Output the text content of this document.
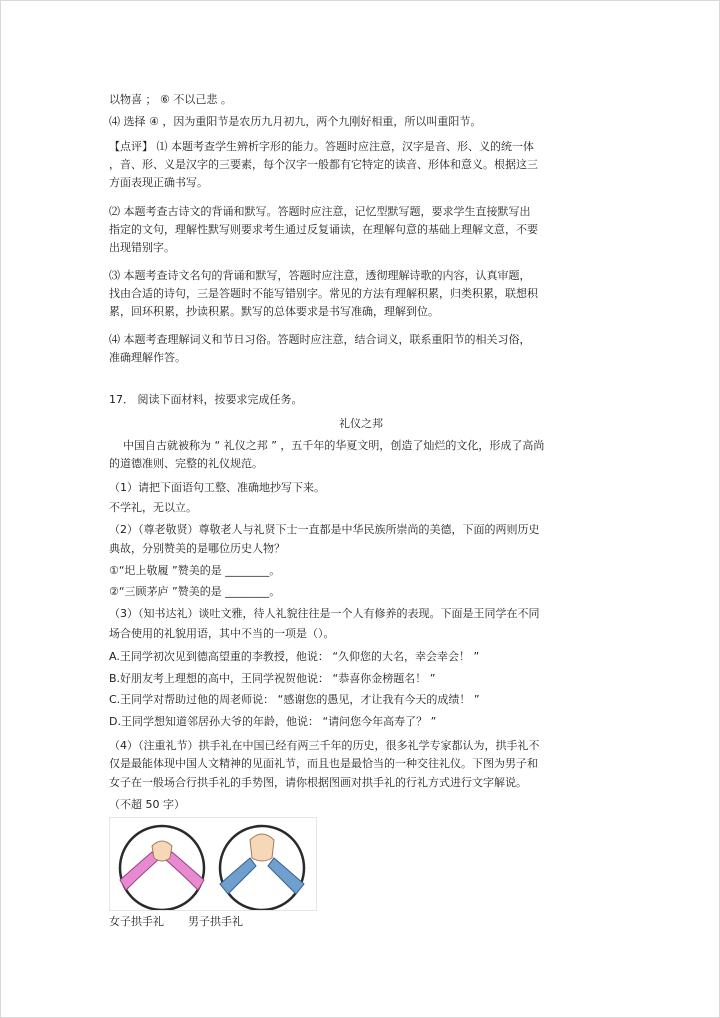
以物喜 ； ⑥ 不以己悲 。
⑷ 选择 ④ ，因为重阳节是农历九月初九，两个九刚好相重，所以叫重阳节。
【点评】 ⑴ 本题考查学生辨析字形的能力。答题时应注意，汉字是音、形、义的统一体
，音、形、义是汉字的三要素，每个汉字一般都有它特定的读音、形体和意义。根据这三
方面表现正确书写。
⑵ 本题考查古诗文的背诵和默写。答题时应注意，记忆型默写题，要求学生直接默写出
指定的文句，理解性默写则要求考生通过反复诵读，在理解句意的基础上理解文意，不要
出现错别字。
⑶ 本题考查诗文名句的背诵和默写，答题时应注意，透彻理解诗歌的内容，认真审题，
找由合适的诗句，三是答题时不能写错别字。常见的方法有理解积累，归类积累，联想积
累，回环积累，抄读积累。默写的总体要求是书写准确，理解到位。
⑷ 本题考查理解词义和节日习俗。答题时应注意，结合词义，联系重阳节的相关习俗，
准确理解作答。
17． 阅读下面材料，按要求完成任务。
礼仪之邦
中国自古就被称为 “ 礼仪之邦 ” ，五千年的华夏文明，创造了灿烂的文化，形成了高尚
的道德准则、完整的礼仪规范。
（1）请把下面语句工整、准确地抄写下来。
不学礼，无以立。
（2）（尊老敬贤）尊敬老人与礼贤下士一直都是中华民族所崇尚的美德，下面的两则历史
典故，分别赞美的是哪位历史人物？
①“圯上敬履 ”赞美的是 ________。
②“三顾茅庐 ”赞美的是 ________。
（3）（知书达礼）谈吐文雅，待人礼貌往往是一个人有修养的表现。下面是王同学在不同
场合使用的礼貌用语，其中不当的一项是（）。
A.王同学初次见到德高望重的李教授，他说： “久仰您的大名，幸会幸会！ ”
B.好朋友考上理想的高中，王同学祝贺他说： “恭喜你金榜题名！ ”
C.王同学对帮助过他的周老师说： “感谢您的愚见，才让我有今天的成绩！ ”
D.王同学想知道邻居孙大爷的年龄，他说： “请问您今年高寿了？ ”
（4）（注重礼节）拱手礼在中国已经有两三千年的历史，很多礼学专家都认为，拱手礼不
仅是最能体现中国人文精神的见面礼节，而且也是最恰当的一种交往礼仪。下图为男子和
女子在一般场合行拱手礼的手势图，请你根据图画对拱手礼的行礼方式进行文字解说。
（不超 50 字）
女子拱手礼 男子拱手礼
